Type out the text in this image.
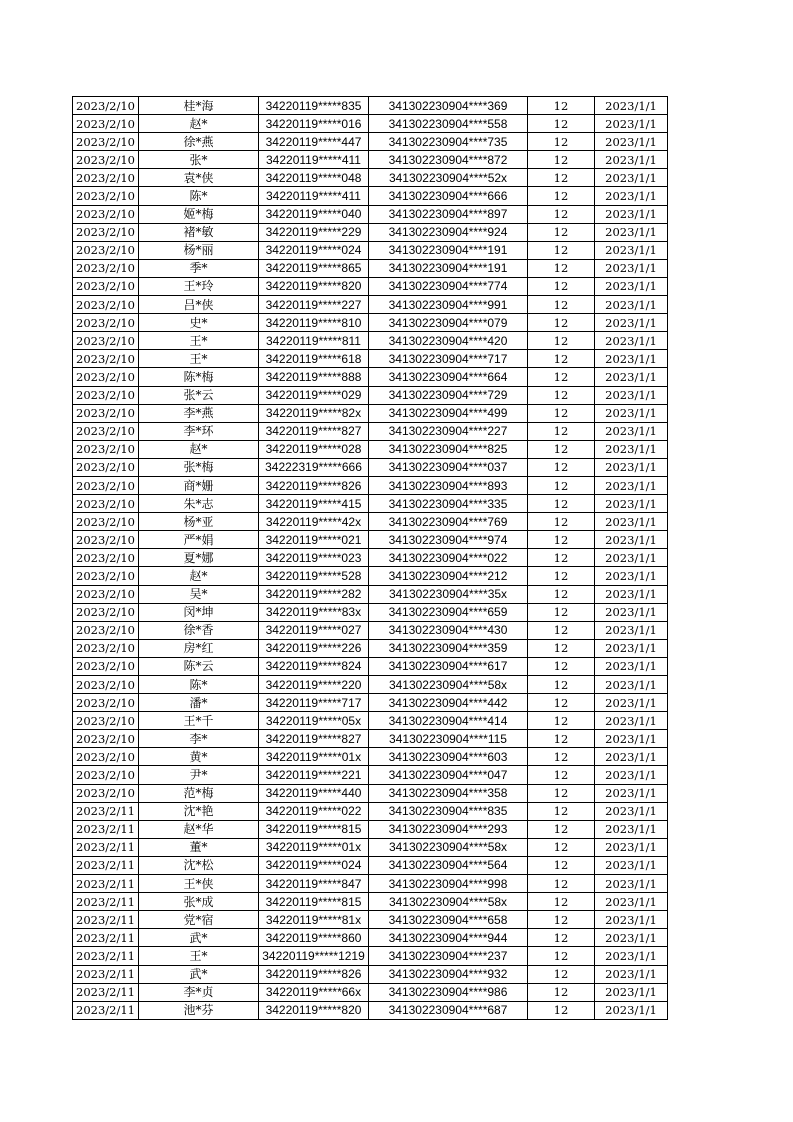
2023/2/10	桂*海	34220119*****835	341302230904****369	12	2023/1/1
2023/2/10	赵*	34220119*****016	341302230904****558	12	2023/1/1
2023/2/10	徐*燕	34220119*****447	341302230904****735	12	2023/1/1
2023/2/10	张*	34220119*****411	341302230904****872	12	2023/1/1
2023/2/10	袁*侠	34220119*****048	341302230904****52x	12	2023/1/1
2023/2/10	陈*	34220119*****411	341302230904****666	12	2023/1/1
2023/2/10	姬*梅	34220119*****040	341302230904****897	12	2023/1/1
2023/2/10	褚*敏	34220119*****229	341302230904****924	12	2023/1/1
2023/2/10	杨*丽	34220119*****024	341302230904****191	12	2023/1/1
2023/2/10	季*	34220119*****865	341302230904****191	12	2023/1/1
2023/2/10	王*玲	34220119*****820	341302230904****774	12	2023/1/1
2023/2/10	吕*侠	34220119*****227	341302230904****991	12	2023/1/1
2023/2/10	史*	34220119*****810	341302230904****079	12	2023/1/1
2023/2/10	王*	34220119*****811	341302230904****420	12	2023/1/1
2023/2/10	王*	34220119*****618	341302230904****717	12	2023/1/1
2023/2/10	陈*梅	34220119*****888	341302230904****664	12	2023/1/1
2023/2/10	张*云	34220119*****029	341302230904****729	12	2023/1/1
2023/2/10	李*燕	34220119*****82x	341302230904****499	12	2023/1/1
2023/2/10	李*环	34220119*****827	341302230904****227	12	2023/1/1
2023/2/10	赵*	34220119*****028	341302230904****825	12	2023/1/1
2023/2/10	张*梅	34222319*****666	341302230904****037	12	2023/1/1
2023/2/10	商*姗	34220119*****826	341302230904****893	12	2023/1/1
2023/2/10	朱*志	34220119*****415	341302230904****335	12	2023/1/1
2023/2/10	杨*亚	34220119*****42x	341302230904****769	12	2023/1/1
2023/2/10	严*娟	34220119*****021	341302230904****974	12	2023/1/1
2023/2/10	夏*娜	34220119*****023	341302230904****022	12	2023/1/1
2023/2/10	赵*	34220119*****528	341302230904****212	12	2023/1/1
2023/2/10	吴*	34220119*****282	341302230904****35x	12	2023/1/1
2023/2/10	闵*坤	34220119*****83x	341302230904****659	12	2023/1/1
2023/2/10	徐*香	34220119*****027	341302230904****430	12	2023/1/1
2023/2/10	房*红	34220119*****226	341302230904****359	12	2023/1/1
2023/2/10	陈*云	34220119*****824	341302230904****617	12	2023/1/1
2023/2/10	陈*	34220119*****220	341302230904****58x	12	2023/1/1
2023/2/10	潘*	34220119*****717	341302230904****442	12	2023/1/1
2023/2/10	王*千	34220119*****05x	341302230904****414	12	2023/1/1
2023/2/10	李*	34220119*****827	341302230904****115	12	2023/1/1
2023/2/10	黄*	34220119*****01x	341302230904****603	12	2023/1/1
2023/2/10	尹*	34220119*****221	341302230904****047	12	2023/1/1
2023/2/10	范*梅	34220119*****440	341302230904****358	12	2023/1/1
2023/2/11	沈*艳	34220119*****022	341302230904****835	12	2023/1/1
2023/2/11	赵*华	34220119*****815	341302230904****293	12	2023/1/1
2023/2/11	董*	34220119*****01x	341302230904****58x	12	2023/1/1
2023/2/11	沈*松	34220119*****024	341302230904****564	12	2023/1/1
2023/2/11	王*侠	34220119*****847	341302230904****998	12	2023/1/1
2023/2/11	张*成	34220119*****815	341302230904****58x	12	2023/1/1
2023/2/11	党*宿	34220119*****81x	341302230904****658	12	2023/1/1
2023/2/11	武*	34220119*****860	341302230904****944	12	2023/1/1
2023/2/11	王*	34220119*****1219	341302230904****237	12	2023/1/1
2023/2/11	武*	34220119*****826	341302230904****932	12	2023/1/1
2023/2/11	李*贞	34220119*****66x	341302230904****986	12	2023/1/1
2023/2/11	池*芬	34220119*****820	341302230904****687	12	2023/1/1
